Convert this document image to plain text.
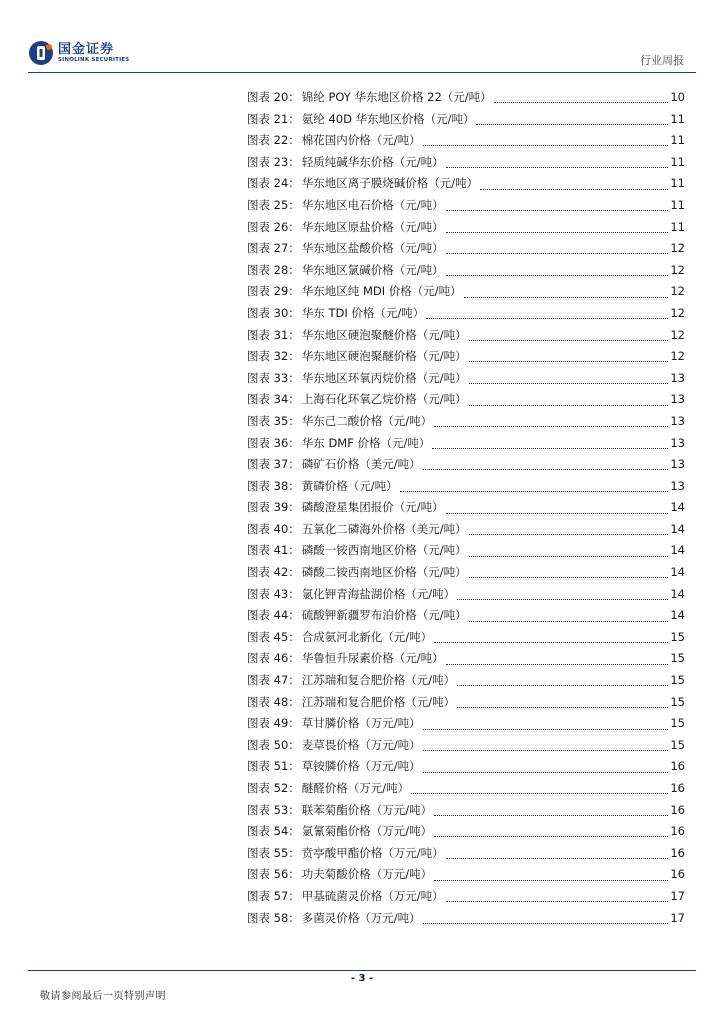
国金证券
SINOLINK SECURITIES	行业周报
图表 20： 锦纶 POY 华东地区价格 22（元/吨）	10
图表 21： 氨纶 40D 华东地区价格（元/吨）	11
图表 22： 棉花国内价格（元/吨）	11
图表 23： 轻质纯碱华东价格（元/吨）	11
图表 24： 华东地区离子膜烧碱价格（元/吨）	11
图表 25： 华东地区电石价格（元/吨）	11
图表 26： 华东地区原盐价格（元/吨）	11
图表 27： 华东地区盐酸价格（元/吨）	12
图表 28： 华东地区氯碱价格（元/吨）	12
图表 29： 华东地区纯 MDI 价格（元/吨）	12
图表 30： 华东 TDI 价格（元/吨）	12
图表 31： 华东地区硬泡聚醚价格（元/吨）	12
图表 32： 华东地区硬泡聚醚价格（元/吨）	12
图表 33： 华东地区环氧丙烷价格（元/吨）	13
图表 34： 上海石化环氧乙烷价格（元/吨）	13
图表 35： 华东己二酸价格（元/吨）	13
图表 36： 华东 DMF 价格（元/吨）	13
图表 37： 磷矿石价格（美元/吨）	13
图表 38： 黄磷价格（元/吨）	13
图表 39： 磷酸澄星集团报价（元/吨）	14
图表 40： 五氧化二磷海外价格（美元/吨）	14
图表 41： 磷酸一铵西南地区价格（元/吨）	14
图表 42： 磷酸二铵西南地区价格（元/吨）	14
图表 43： 氯化钾青海盐湖价格（元/吨）	14
图表 44： 硫酸钾新疆罗布泊价格（元/吨）	14
图表 45： 合成氨河北新化（元/吨）	15
图表 46： 华鲁恒升尿素价格（元/吨）	15
图表 47： 江苏瑞和复合肥价格（元/吨）	15
图表 48： 江苏瑞和复合肥价格（元/吨）	15
图表 49： 草甘膦价格（万元/吨）	15
图表 50： 麦草畏价格（万元/吨）	15
图表 51： 草铵膦价格（万元/吨）	16
图表 52： 醚醛价格（万元/吨）	16
图表 53： 联苯菊酯价格（万元/吨）	16
图表 54： 氯氰菊酯价格（万元/吨）	16
图表 55： 贲亭酸甲酯价格（万元/吨）	16
图表 56： 功夫菊酸价格（万元/吨）	16
图表 57： 甲基硫菌灵价格（万元/吨）	17
图表 58： 多菌灵价格（万元/吨）	17
- 3 -
敬请参阅最后一页特别声明
